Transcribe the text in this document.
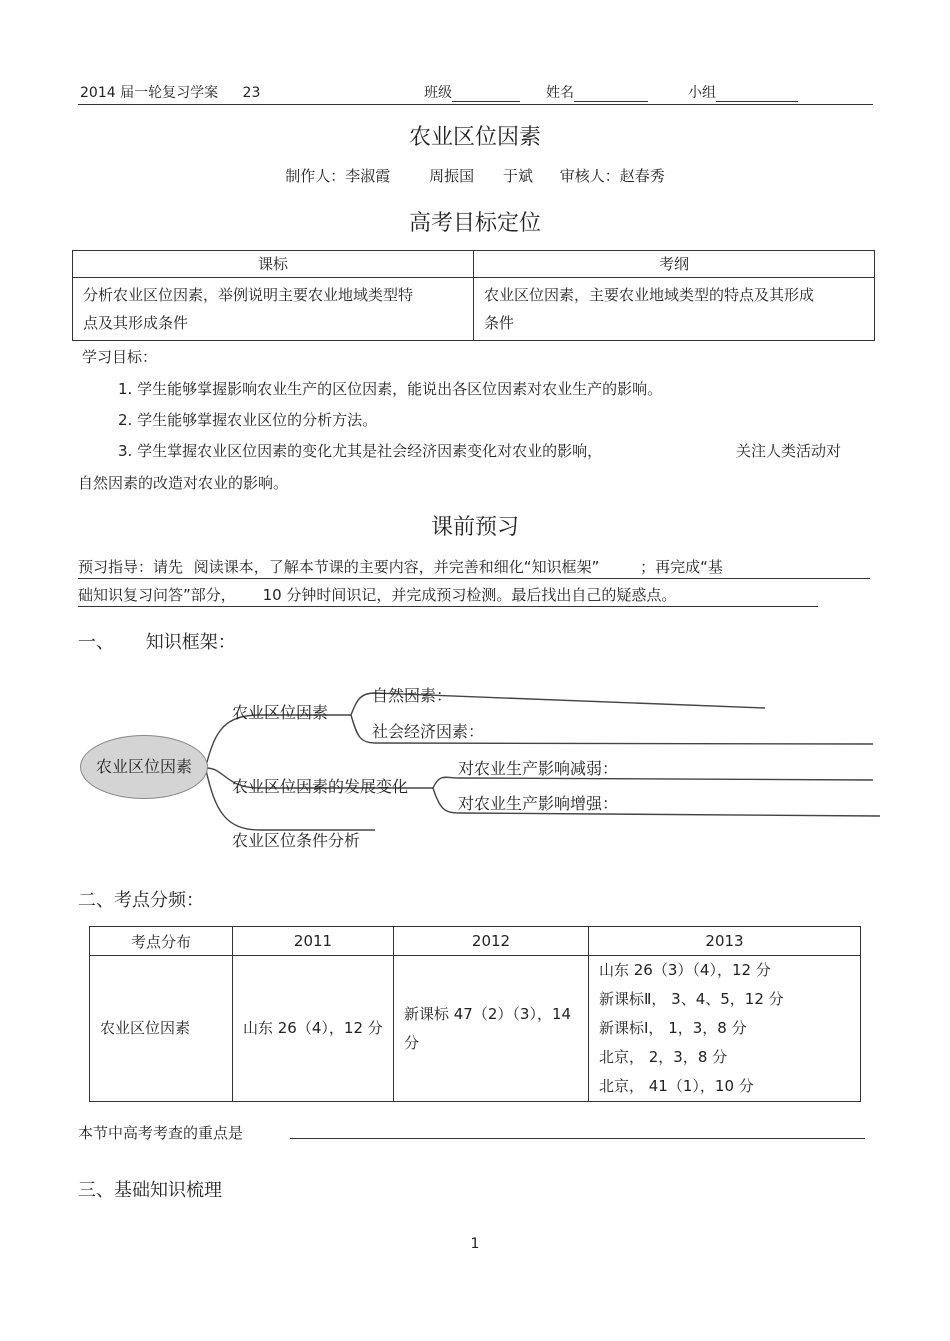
2014 届一轮复习学案 23	班级	姓名	小组
农业区位因素
制作人：李淑霞	周振国 于斌 审核人：赵春秀
高考目标定位
课标	考纲
分析农业区位因素，举例说明主要农业地域类型特点及其形成条件	农业区位因素，主要农业地域类型的特点及其形成条件
学习目标：
1. 学生能够掌握影响农业生产的区位因素，能说出各区位因素对农业生产的影响。
2. 学生能够掌握农业区位的分析方法。
3. 学生掌握农业区位因素的变化尤其是社会经济因素变化对农业的影响，	关注人类活动对
自然因素的改造对农业的影响。
课前预习
预习指导：请先 阅读课本，了解本节课的主要内容，并完善和细化“知识框架”	；再完成“基
础知识复习问答”部分， 10 分钟时间识记，并完成预习检测。最后找出自己的疑惑点。
一、 知识框架：
农业区位因素
农业区位因素
自然因素：
社会经济因素：
农业区位因素的发展变化
对农业生产影响减弱：
对农业生产影响增强：
农业区位条件分析
二、考点分频：
考点分布	2011	2012	2013
农业区位因素	山东 26（4），12 分	新课标 47（2）（3），14 分	山东 26（3）（4），12 分
新课标Ⅱ， 3、4、5，12 分
新课标Ⅰ， 1，3，8 分
北京， 2，3，8 分
北京， 41（1），10 分
本节中高考考查的重点是
三、基础知识梳理
1
